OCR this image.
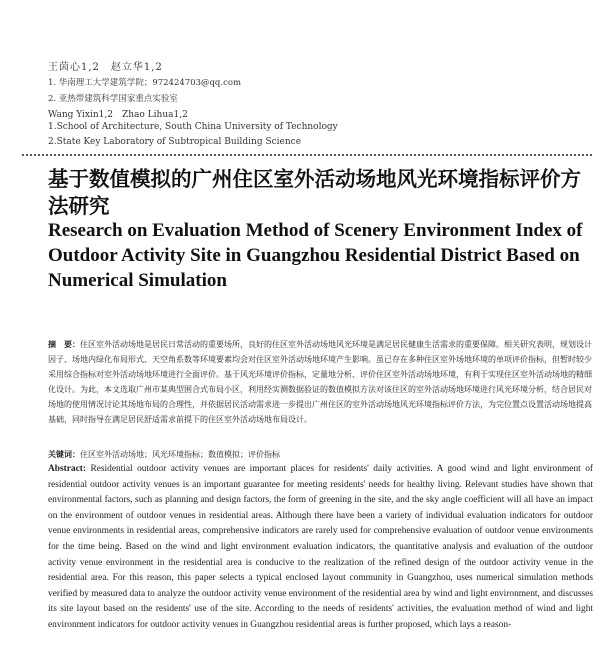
王茵心1,2　赵立华1,2
1. 华南理工大学建筑学院；972424703@qq.com
2. 亚热带建筑科学国家重点实验室
Wang Yixin1,2　Zhao Lihua1,2
1.School of Architecture, South China University of Technology
2.State Key Laboratory of Subtropical Building Science
基于数值模拟的广州住区室外活动场地风光环境指标评价方法研究
Research on Evaluation Method of Scenery Environment Index of Outdoor Activity Site in Guangzhou Residential District Based on Numerical Simulation
摘　要：住区室外活动场地是居民日常活动的重要场所，良好的住区室外活动场地风光环境是满足居民健康生活需求的重要保障。相关研究表明，规划设计因子、场地内绿化布局形式、天空角系数等环境要素均会对住区室外活动场地环境产生影响。虽已存在多种住区室外场地环境的单项评价指标，但暂时较少采用综合指标对室外活动场地环境进行全面评价。基于风光环境评价指标，定量地分析、评价住区室外活动场地环境，有利于实现住区室外活动场地的精细化设计。为此，本文选取广州市某典型围合式布局小区，利用经实测数据验证的数值模拟方法对该住区的室外活动场地环境进行风光环境分析，结合居民对场地的使用情况讨论其场地布局的合理性，并依据居民活动需求进一步提出广州住区的室外活动场地风光环境指标评价方法，为完位置点设置活动场地提高基础，同时指导在满足居民舒适需求前提下的住区室外活动场地布局设计。
关键词：住区室外活动场地；风光环境指标；数值模拟；评价指标
Abstract: Residential outdoor activity venues are important places for residents' daily activities. A good wind and light environment of residential outdoor activity venues is an important guarantee for meeting residents' needs for healthy living. Relevant studies have shown that environmental factors, such as planning and design factors, the form of greening in the site, and the sky angle coefficient will all have an impact on the environment of outdoor venues in residential areas. Although there have been a variety of individual evaluation indicators for outdoor venue environments in residential areas, comprehensive indicators are rarely used for comprehensive evaluation of outdoor venue environments for the time being. Based on the wind and light environment evaluation indicators, the quantitative analysis and evaluation of the outdoor activity venue environment in the residential area is conducive to the realization of the refined design of the outdoor activity venue in the residential area. For this reason, this paper selects a typical enclosed layout community in Guangzhou, uses numerical simulation methods verified by measured data to analyze the outdoor activity venue environment of the residential area by wind and light environment, and discusses its site layout based on the residents' use of the site. According to the needs of residents' activities, the evaluation method of wind and light environment indicators for outdoor activity venues in Guangzhou residential areas is further proposed, which lays a reason-
